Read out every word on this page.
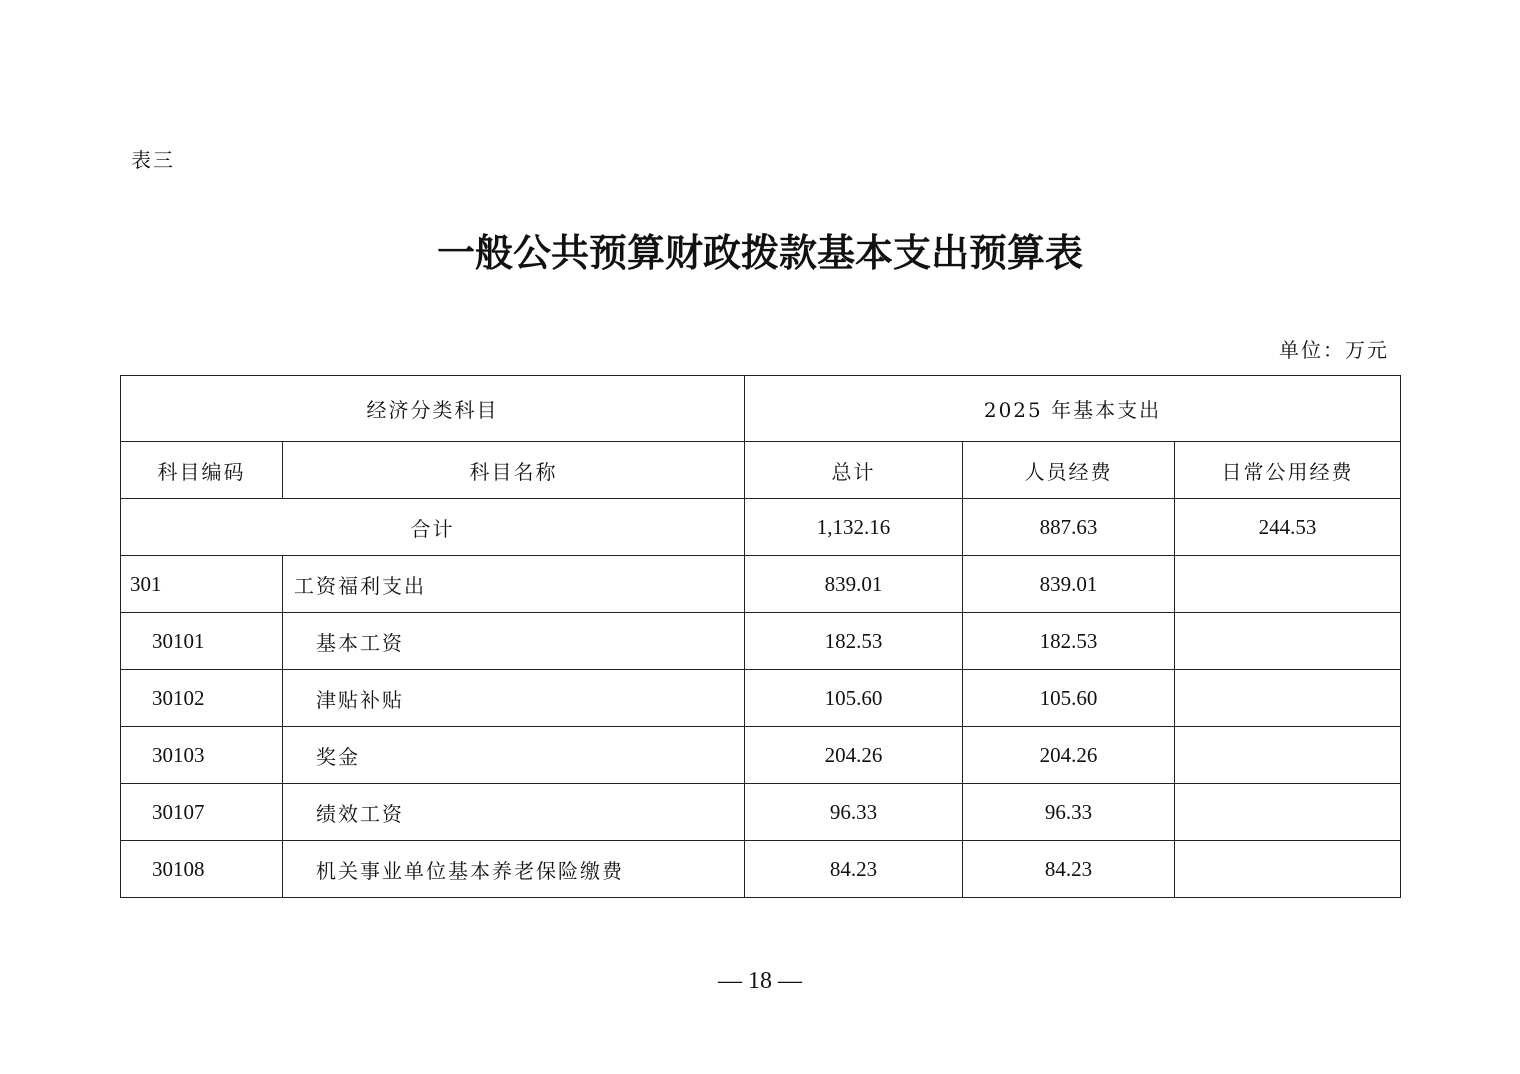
表三
一般公共预算财政拨款基本支出预算表
单位：万元
经济分类科目		2025 年基本支出		
科目编码	科目名称	总计	人员经费	日常公用经费
合计		1,132.16	887.63	244.53
301	工资福利支出	839.01	839.01	
30101	基本工资	182.53	182.53	
30102	津贴补贴	105.60	105.60	
30103	奖金	204.26	204.26	
30107	绩效工资	96.33	96.33	
30108	机关事业单位基本养老保险缴费	84.23	84.23	
— 18 —
